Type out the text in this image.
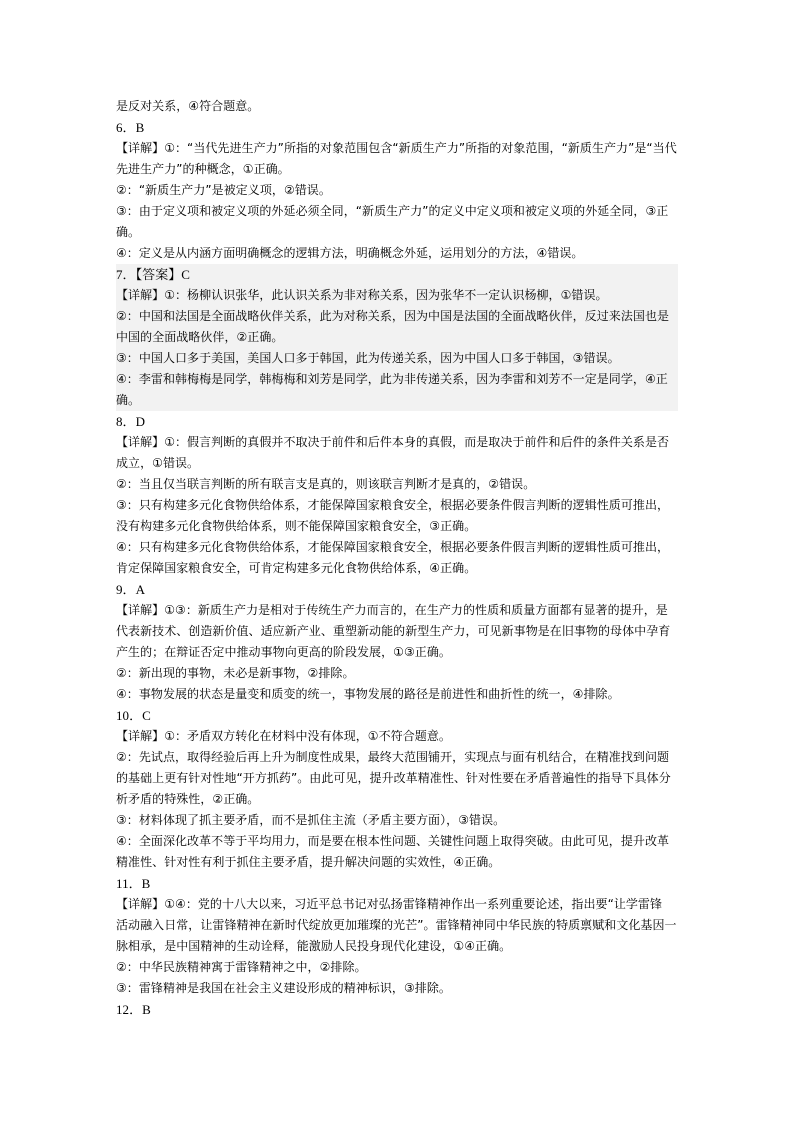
是反对关系，④符合题意。
6．B
【详解】①：“当代先进生产力”所指的对象范围包含“新质生产力”所指的对象范围，“新质生产力”是“当代
先进生产力”的种概念，①正确。
②：“新质生产力”是被定义项，②错误。
③：由于定义项和被定义项的外延必须全同，“新质生产力”的定义中定义项和被定义项的外延全同，③正
确。
④：定义是从内涵方面明确概念的逻辑方法，明确概念外延，运用划分的方法，④错误。
7．【答案】C
【详解】①：杨柳认识张华，此认识关系为非对称关系，因为张华不一定认识杨柳，①错误。
②：中国和法国是全面战略伙伴关系，此为对称关系，因为中国是法国的全面战略伙伴，反过来法国也是
中国的全面战略伙伴，②正确。
③：中国人口多于美国，美国人口多于韩国，此为传递关系，因为中国人口多于韩国，③错误。
④：李雷和韩梅梅是同学，韩梅梅和刘芳是同学，此为非传递关系，因为李雷和刘芳不一定是同学，④正
确。
8．D
【详解】①：假言判断的真假并不取决于前件和后件本身的真假，而是取决于前件和后件的条件关系是否
成立，①错误。
②：当且仅当联言判断的所有联言支是真的，则该联言判断才是真的，②错误。
③：只有构建多元化食物供给体系，才能保障国家粮食安全，根据必要条件假言判断的逻辑性质可推出，
没有构建多元化食物供给体系，则不能保障国家粮食安全，③正确。
④：只有构建多元化食物供给体系，才能保障国家粮食安全，根据必要条件假言判断的逻辑性质可推出，
肯定保障国家粮食安全，可肯定构建多元化食物供给体系，④正确。
9．A
【详解】①③：新质生产力是相对于传统生产力而言的，在生产力的性质和质量方面都有显著的提升，是
代表新技术、创造新价值、适应新产业、重塑新动能的新型生产力，可见新事物是在旧事物的母体中孕育
产生的；在辩证否定中推动事物向更高的阶段发展，①③正确。
②：新出现的事物，未必是新事物，②排除。
④：事物发展的状态是量变和质变的统一，事物发展的路径是前进性和曲折性的统一，④排除。
10．C
【详解】①：矛盾双方转化在材料中没有体现，①不符合题意。
②：先试点，取得经验后再上升为制度性成果，最终大范围铺开，实现点与面有机结合，在精准找到问题
的基础上更有针对性地“开方抓药”。由此可见，提升改革精准性、针对性要在矛盾普遍性的指导下具体分
析矛盾的特殊性，②正确。
③：材料体现了抓主要矛盾，而不是抓住主流（矛盾主要方面），③错误。
④：全面深化改革不等于平均用力，而是要在根本性问题、关键性问题上取得突破。由此可见，提升改革
精准性、针对性有利于抓住主要矛盾，提升解决问题的实效性，④正确。
11．B
【详解】①④：党的十八大以来，习近平总书记对弘扬雷锋精神作出一系列重要论述，指出要“让学雷锋
活动融入日常，让雷锋精神在新时代绽放更加璀璨的光芒”。雷锋精神同中华民族的特质禀赋和文化基因一
脉相承，是中国精神的生动诠释，能激励人民投身现代化建设，①④正确。
②：中华民族精神寓于雷锋精神之中，②排除。
③：雷锋精神是我国在社会主义建设形成的精神标识，③排除。
12．B
